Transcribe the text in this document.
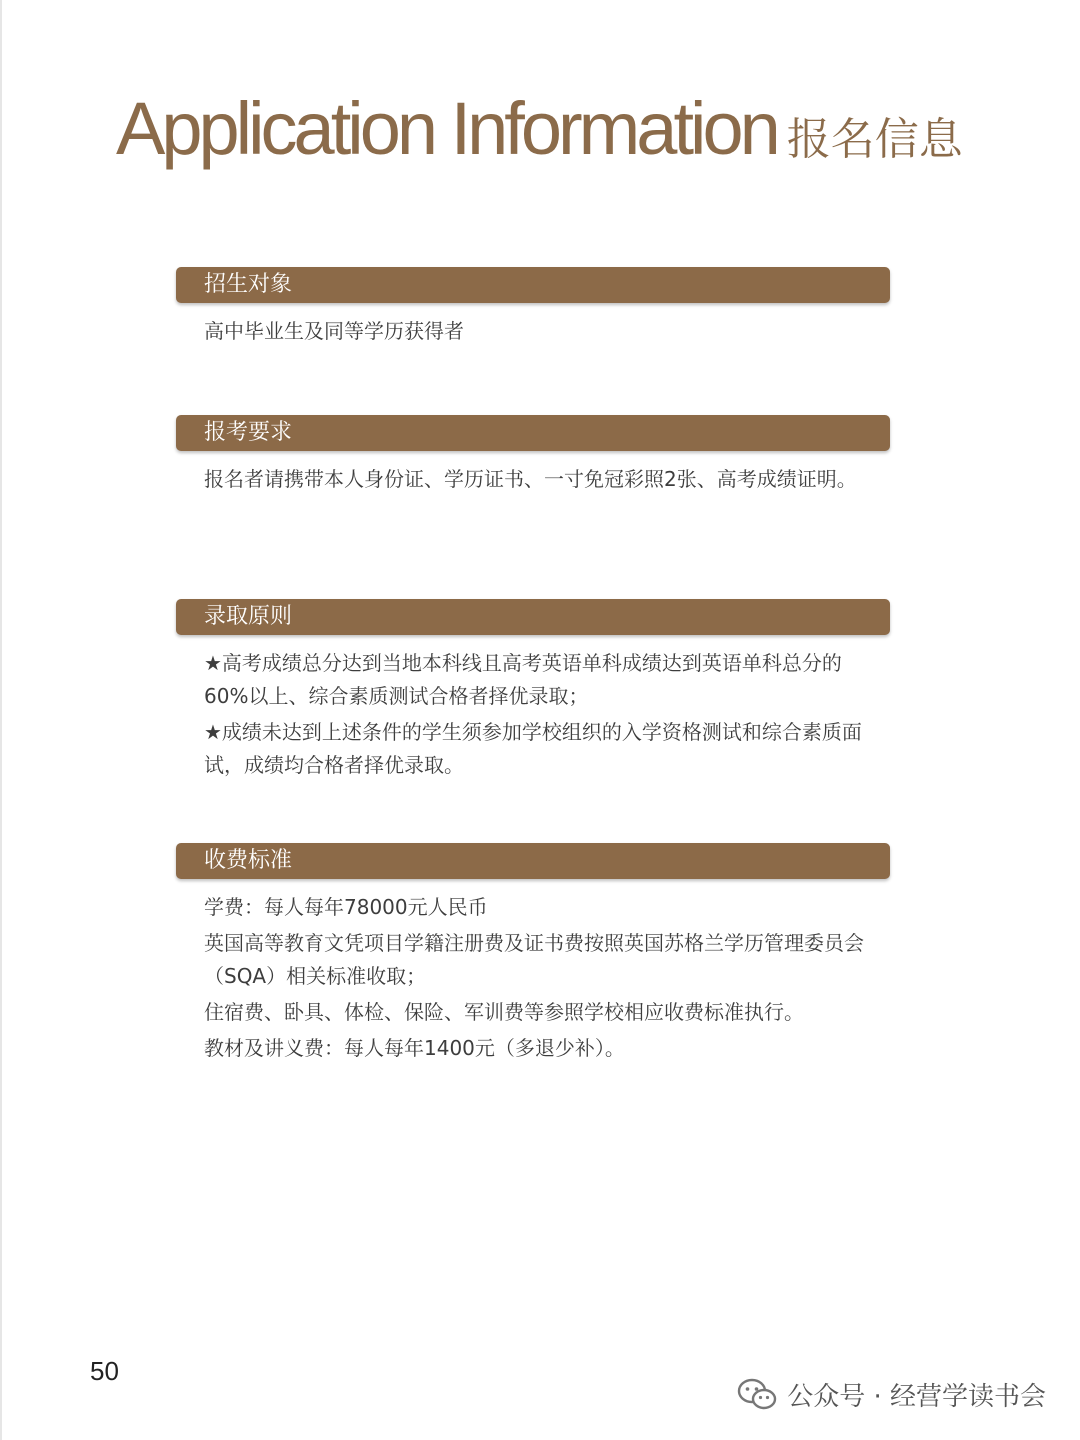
Application Information 报名信息
招生对象

高中毕业生及同等学历获得者

报考要求

报名者请携带本人身份证、学历证书、一寸免冠彩照2张、高考成绩证明。

录取原则

★高考成绩总分达到当地本科线且高考英语单科成绩达到英语单科总分的60%以上、综合素质测试合格者择优录取；

★成绩未达到上述条件的学生须参加学校组织的入学资格测试和综合素质面试，成绩均合格者择优录取。

收费标准

学费：每人每年78000元人民币

英国高等教育文凭项目学籍注册费及证书费按照英国苏格兰学历管理委员会（SQA）相关标准收取；

住宿费、卧具、体检、保险、军训费等参照学校相应收费标准执行。

教材及讲义费：每人每年1400元（多退少补）。

50
公众号 · 经营学读书会
